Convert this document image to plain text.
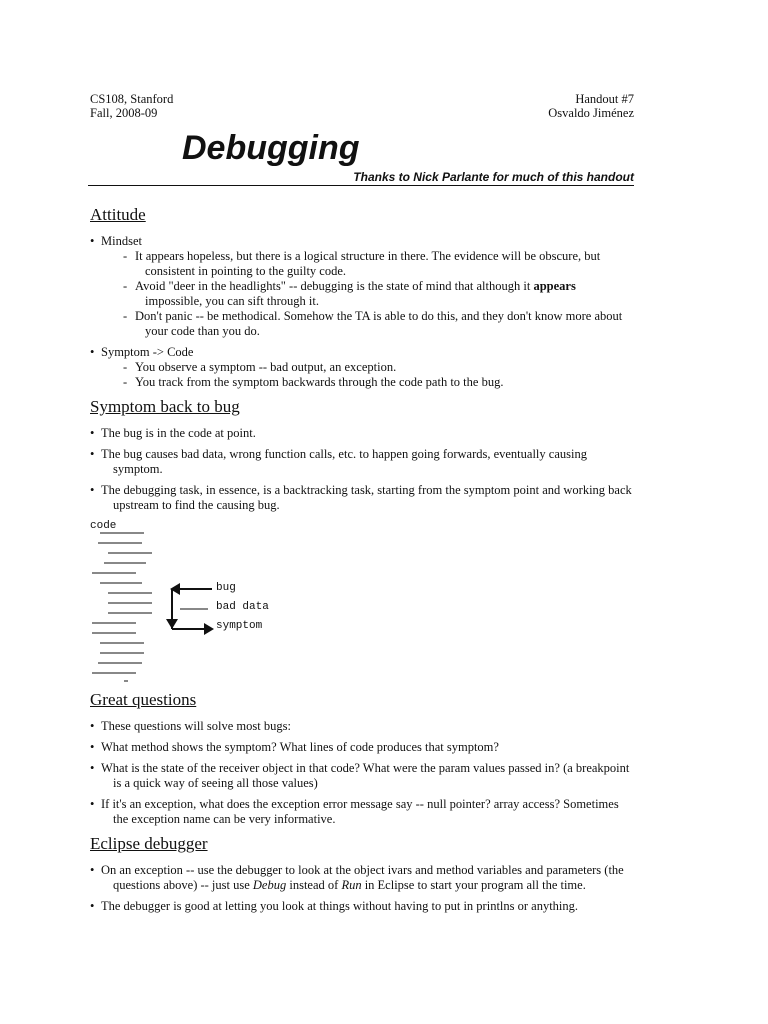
CS108, Stanford
Fall, 2008-09
Handout #7
Osvaldo Jiménez
Debugging
Thanks to Nick Parlante for much of this handout
Attitude
• Mindset
- It appears hopeless, but there is a logical structure in there. The evidence will be obscure, but consistent in pointing to the guilty code.
- Avoid "deer in the headlights" -- debugging is the state of mind that although it appears impossible, you can sift through it.
- Don't panic -- be methodical. Somehow the TA is able to do this, and they don't know more about your code than you do.
• Symptom -> Code
- You observe a symptom -- bad output, an exception.
- You track from the symptom backwards through the code path to the bug.
Symptom back to bug
• The bug is in the code at point.
• The bug causes bad data, wrong function calls, etc. to happen going forwards, eventually causing symptom.
• The debugging task, in essence, is a backtracking task, starting from the symptom point and working back upstream to find the causing bug.
code
bug
bad data
symptom
Great questions
• These questions will solve most bugs:
• What method shows the symptom? What lines of code produces that symptom?
• What is the state of the receiver object in that code? What were the param values passed in? (a breakpoint is a quick way of seeing all those values)
• If it's an exception, what does the exception error message say -- null pointer? array access? Sometimes the exception name can be very informative.
Eclipse debugger
• On an exception -- use the debugger to look at the object ivars and method variables and parameters (the questions above) -- just use Debug instead of Run in Eclipse to start your program all the time.
• The debugger is good at letting you look at things without having to put in printlns or anything.
